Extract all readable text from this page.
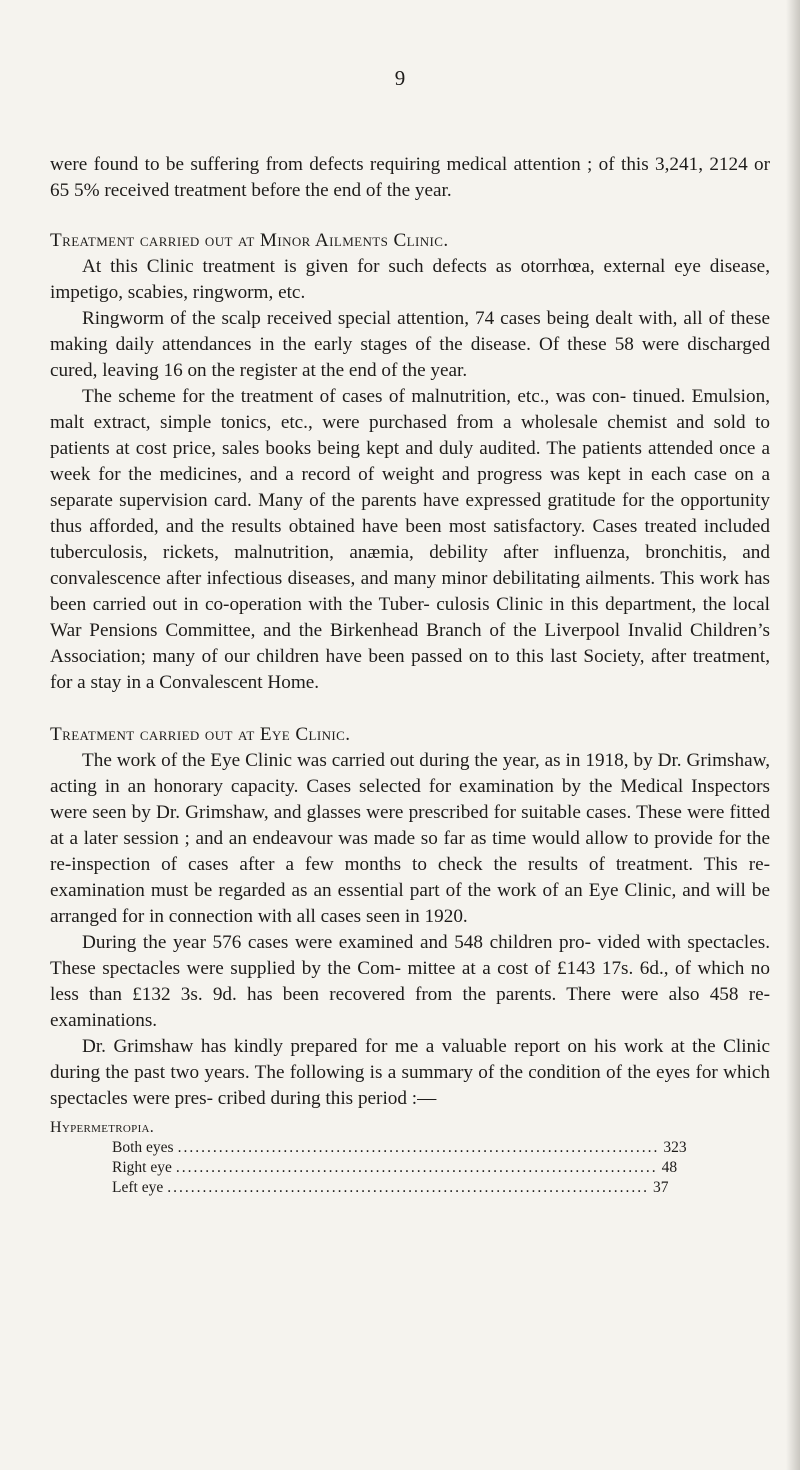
9

were found to be suffering from defects requiring medical attention ; of this 3,241, 2124 or 65 5% received treatment before the end of the year.

Treatment carried out at Minor Ailments Clinic.

At this Clinic treatment is given for such defects as otorrhœa, external eye disease, impetigo, scabies, ringworm, etc.

Ringworm of the scalp received special attention, 74 cases being dealt with, all of these making daily attendances in the early stages of the disease. Of these 58 were discharged cured, leaving 16 on the register at the end of the year.

The scheme for the treatment of cases of malnutrition, etc., was con- tinued. Emulsion, malt extract, simple tonics, etc., were purchased from a wholesale chemist and sold to patients at cost price, sales books being kept and duly audited. The patients attended once a week for the medicines, and a record of weight and progress was kept in each case on a separate supervision card. Many of the parents have expressed gratitude for the opportunity thus afforded, and the results obtained have been most satisfactory. Cases treated included tuberculosis, rickets, malnutrition, anæmia, debility after influenza, bronchitis, and convalescence after infectious diseases, and many minor debilitating ailments. This work has been carried out in co-operation with the Tuber- culosis Clinic in this department, the local War Pensions Committee, and the Birkenhead Branch of the Liverpool Invalid Children’s Association; many of our children have been passed on to this last Society, after treatment, for a stay in a Convalescent Home.

Treatment carried out at Eye Clinic.

The work of the Eye Clinic was carried out during the year, as in 1918, by Dr. Grimshaw, acting in an honorary capacity. Cases selected for examination by the Medical Inspectors were seen by Dr. Grimshaw, and glasses were prescribed for suitable cases. These were fitted at a later session ; and an endeavour was made so far as time would allow to provide for the re-inspection of cases after a few months to check the results of treatment. This re-examination must be regarded as an essential part of the work of an Eye Clinic, and will be arranged for in connection with all cases seen in 1920.

During the year 576 cases were examined and 548 children pro- vided with spectacles. These spectacles were supplied by the Com- mittee at a cost of £143 17s. 6d., of which no less than £132 3s. 9d. has been recovered from the parents. There were also 458 re-examinations.

Dr. Grimshaw has kindly prepared for me a valuable report on his work at the Clinic during the past two years. The following is a summary of the condition of the eyes for which spectacles were pres- cribed during this period :—

Hypermetropia.
Both eyes .................................................................................. 323
Right eye .................................................................................. 48
Left eye .................................................................................. 37
